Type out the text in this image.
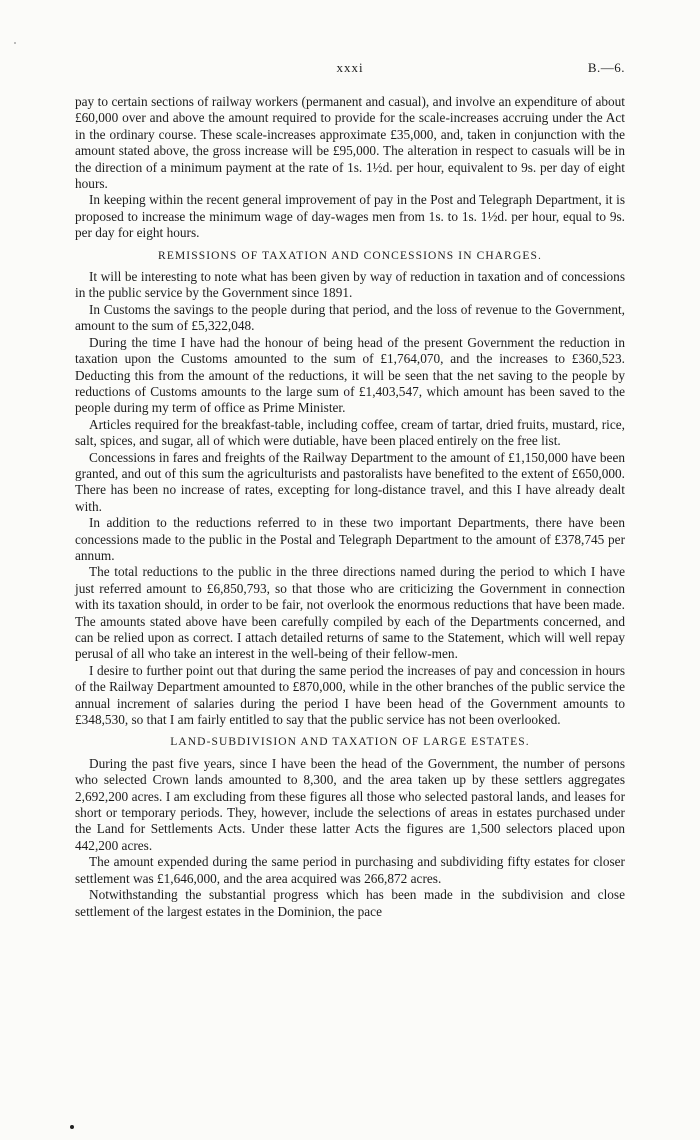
xxxi	B.—6.

pay to certain sections of railway workers (permanent and casual), and involve an expenditure of about £60,000 over and above the amount required to provide for the scale-increases accruing under the Act in the ordinary course. These scale-increases approximate £35,000, and, taken in conjunction with the amount stated above, the gross increase will be £95,000. The alteration in respect to casuals will be in the direction of a minimum payment at the rate of 1s. 1½d. per hour, equivalent to 9s. per day of eight hours.

In keeping within the recent general improvement of pay in the Post and Telegraph Department, it is proposed to increase the minimum wage of day-wages men from 1s. to 1s. 1½d. per hour, equal to 9s. per day for eight hours.

REMISSIONS OF TAXATION AND CONCESSIONS IN CHARGES.

It will be interesting to note what has been given by way of reduction in taxation and of concessions in the public service by the Government since 1891.

In Customs the savings to the people during that period, and the loss of revenue to the Government, amount to the sum of £5,322,048.

During the time I have had the honour of being head of the present Government the reduction in taxation upon the Customs amounted to the sum of £1,764,070, and the increases to £360,523. Deducting this from the amount of the reductions, it will be seen that the net saving to the people by reductions of Customs amounts to the large sum of £1,403,547, which amount has been saved to the people during my term of office as Prime Minister.

Articles required for the breakfast-table, including coffee, cream of tartar, dried fruits, mustard, rice, salt, spices, and sugar, all of which were dutiable, have been placed entirely on the free list.

Concessions in fares and freights of the Railway Department to the amount of £1,150,000 have been granted, and out of this sum the agriculturists and pastoralists have benefited to the extent of £650,000. There has been no increase of rates, excepting for long-distance travel, and this I have already dealt with.

In addition to the reductions referred to in these two important Departments, there have been concessions made to the public in the Postal and Telegraph Department to the amount of £378,745 per annum.

The total reductions to the public in the three directions named during the period to which I have just referred amount to £6,850,793, so that those who are criticizing the Government in connection with its taxation should, in order to be fair, not overlook the enormous reductions that have been made. The amounts stated above have been carefully compiled by each of the Departments concerned, and can be relied upon as correct. I attach detailed returns of same to the Statement, which will well repay perusal of all who take an interest in the well-being of their fellow-men.

I desire to further point out that during the same period the increases of pay and concession in hours of the Railway Department amounted to £870,000, while in the other branches of the public service the annual increment of salaries during the period I have been head of the Government amounts to £348,530, so that I am fairly entitled to say that the public service has not been overlooked.

LAND-SUBDIVISION AND TAXATION OF LARGE ESTATES.

During the past five years, since I have been the head of the Government, the number of persons who selected Crown lands amounted to 8,300, and the area taken up by these settlers aggregates 2,692,200 acres. I am excluding from these figures all those who selected pastoral lands, and leases for short or temporary periods. They, however, include the selections of areas in estates purchased under the Land for Settlements Acts. Under these latter Acts the figures are 1,500 selectors placed upon 442,200 acres.

The amount expended during the same period in purchasing and subdividing fifty estates for closer settlement was £1,646,000, and the area acquired was 266,872 acres.

Notwithstanding the substantial progress which has been made in the subdivision and close settlement of the largest estates in the Dominion, the pace
